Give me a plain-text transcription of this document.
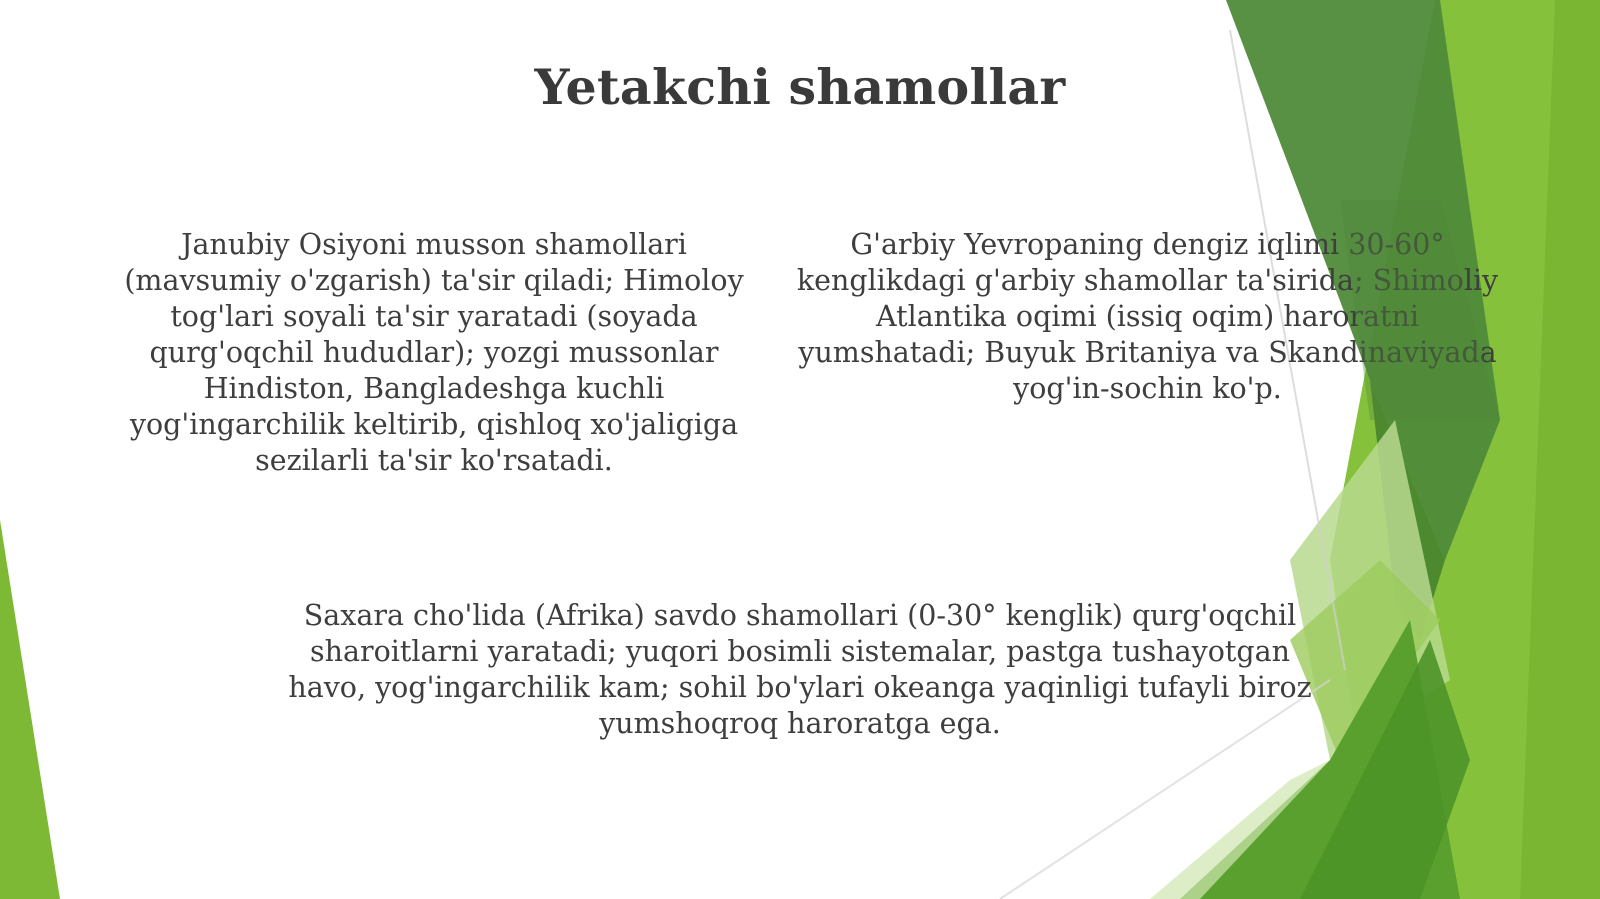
Yetakchi shamollar

Janubiy Osiyoni musson shamollari (mavsumiy o'zgarish) ta'sir qiladi; Himoloy tog'lari soyali ta'sir yaratadi (soyada qurg'oqchil hududlar); yozgi mussonlar Hindiston, Bangladeshga kuchli yog'ingarchilik keltirib, qishloq xo'jaligiga sezilarli ta'sir ko'rsatadi.

G'arbiy Yevropaning dengiz iqlimi 30-60° kenglikdagi g'arbiy shamollar ta'sirida; Shimoliy Atlantika oqimi (issiq oqim) haroratni yumshatadi; Buyuk Britaniya va Skandinaviyada yog'in-sochin ko'p.

Saxara cho'lida (Afrika) savdo shamollari (0-30° kenglik) qurg'oqchil sharoitlarni yaratadi; yuqori bosimli sistemalar, pastga tushayotgan havo, yog'ingarchilik kam; sohil bo'ylari okeanga yaqinligi tufayli biroz yumshoqroq haroratga ega.
